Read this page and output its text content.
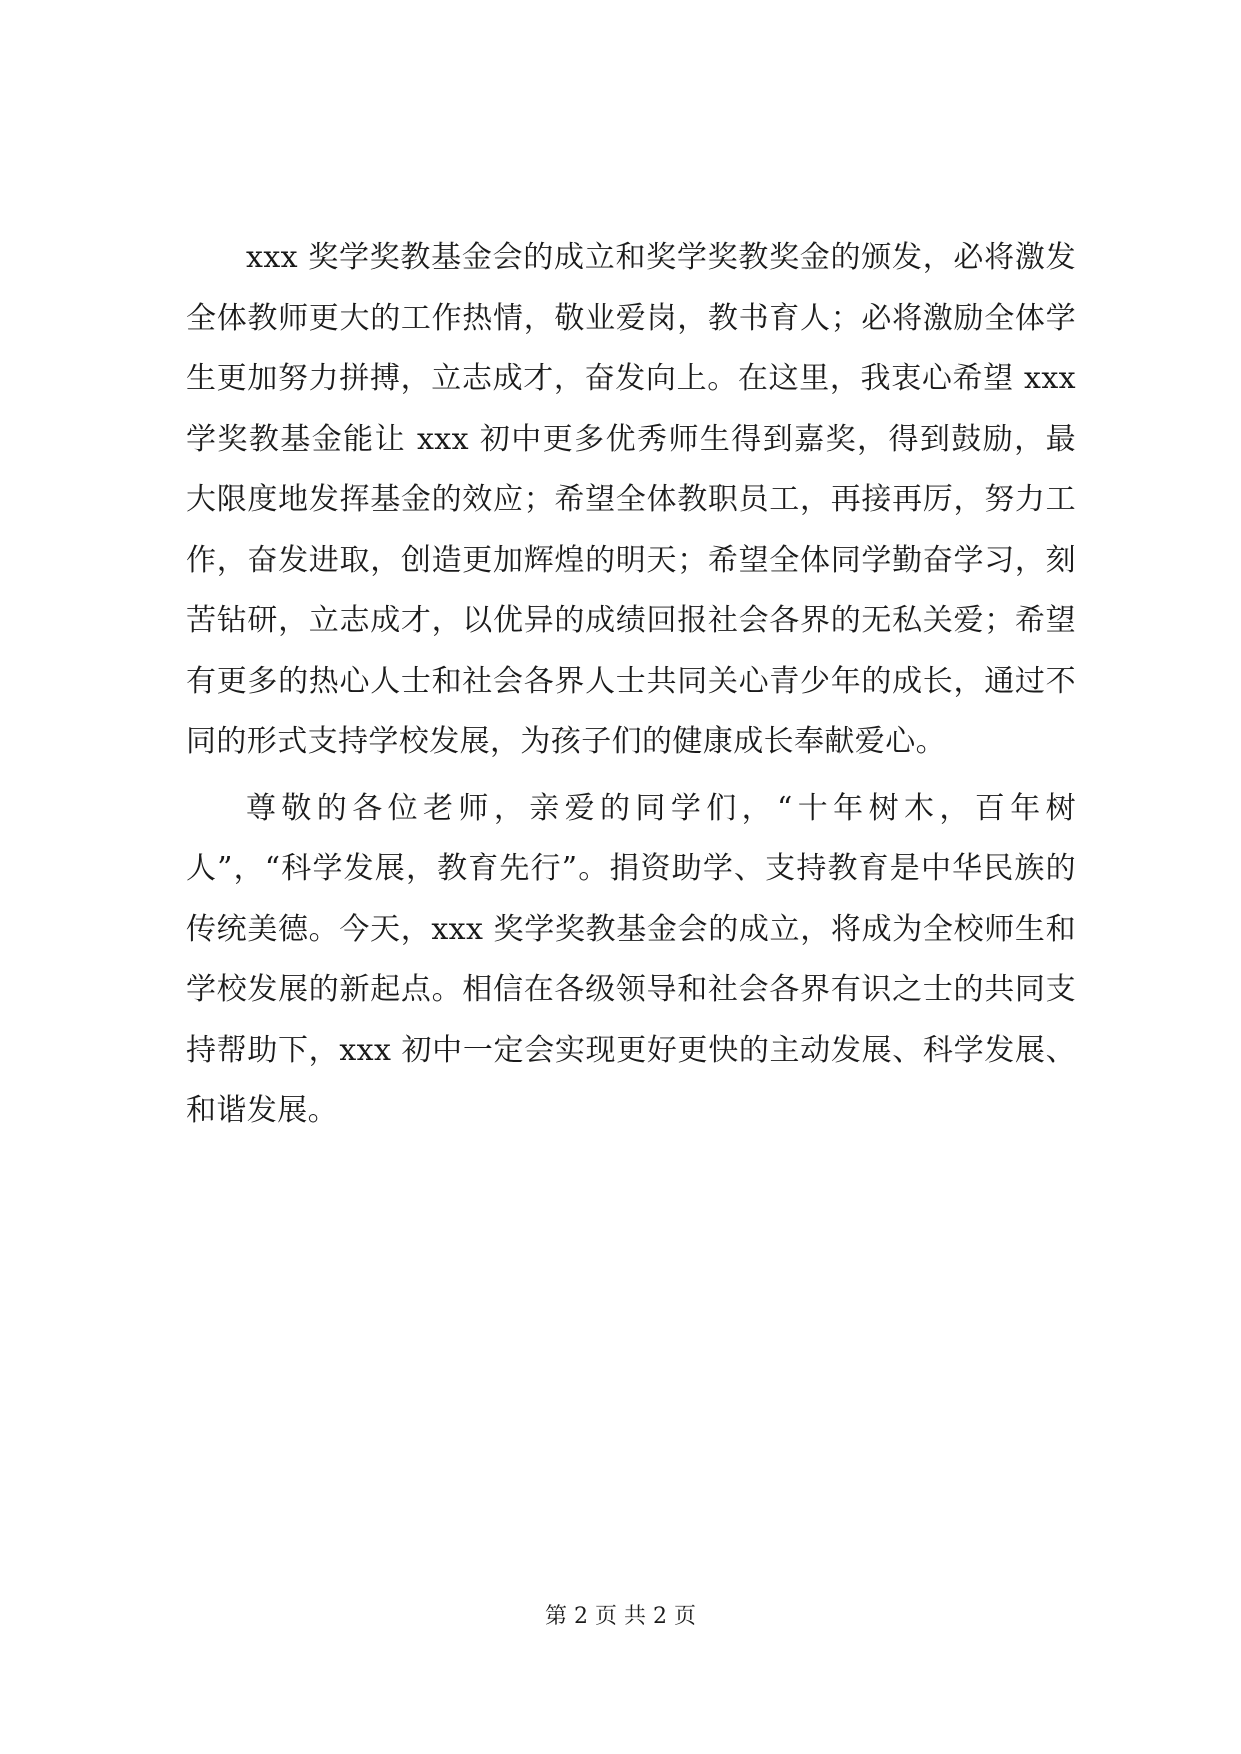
xxx 奖学奖教基金会的成立和奖学奖教奖金的颁发，必将激发全体教师更大的工作热情，敬业爱岗，教书育人；必将激励全体学生更加努力拼搏，立志成才，奋发向上。在这里，我衷心希望 xxx 学奖教基金能让 xxx 初中更多优秀师生得到嘉奖，得到鼓励，最大限度地发挥基金的效应；希望全体教职员工，再接再厉，努力工作，奋发进取，创造更加辉煌的明天；希望全体同学勤奋学习，刻苦钻研，立志成才，以优异的成绩回报社会各界的无私关爱；希望有更多的热心人士和社会各界人士共同关心青少年的成长，通过不同的形式支持学校发展，为孩子们的健康成长奉献爱心。

尊敬的各位老师，亲爱的同学们，“十年树木，百年树人”，“科学发展，教育先行”。捐资助学、支持教育是中华民族的传统美德。今天，xxx 奖学奖教基金会的成立，将成为全校师生和学校发展的新起点。相信在各级领导和社会各界有识之士的共同支持帮助下，xxx 初中一定会实现更好更快的主动发展、科学发展、和谐发展。

第 2 页 共 2 页
